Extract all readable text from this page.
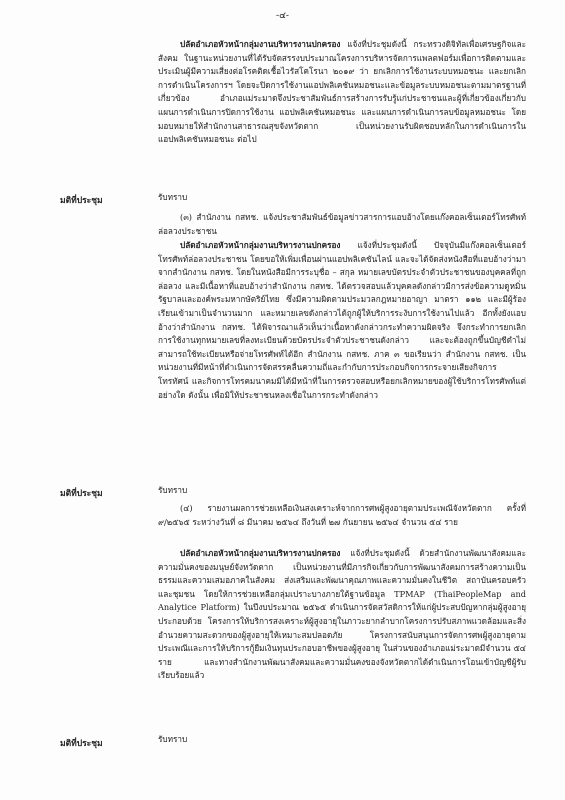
-๔-
ปลัดอำเภอหัวหน้ากลุ่มงานบริหารงานปกครอง แจ้งที่ประชุมดังนี้ กระทรวงดิจิทัลเพื่อเศรษฐกิจและสังคม ในฐานะหน่วยงานที่ได้รับจัดสรรงบประมาณโครงการบริหารจัดการแพลตฟอร์มเพื่อการติดตามและประเมินผู้มีความเสี่ยงต่อโรคติดเชื้อไวรัสโคโรนา ๒๐๑๙ ว่า ยกเลิกการใช้งานระบบหมอชนะ และยกเลิกการดำเนินโครงการฯ โดยจะปิดการใช้งานแอปพลิเคชันหมอชนะและข้อมูลระบบหมอชนะตามมาตรฐานที่เกี่ยวข้อง อำเภอแม่ระมาดจึงประชาสัมพันธ์การสร้างการรับรู้แก่ประชาชนและผู้ที่เกี่ยวข้องเกี่ยวกับแผนการดำเนินการปิดการใช้งาน แอปพลิเคชันหมอชนะ และแผนการดำเนินการลบข้อมูลหมอชนะ โดยมอบหมายให้สำนักงานสาธารณสุขจังหวัดตาก เป็นหน่วยงานรับผิดชอบหลักในการดำเนินการในแอปพลิเคชันหมอชนะ ต่อไป
มติที่ประชุม	รับทราบ
(๓) สำนักงาน กสทช. แจ้งประชาสัมพันธ์ข้อมูลข่าวสารการแอบอ้างโดยแก๊งคอลเซ็นเตอร์โทรศัพท์ล่อลวงประชาชน
ปลัดอำเภอหัวหน้ากลุ่มงานบริหารงานปกครอง แจ้งที่ประชุมดังนี้ ปัจจุบันมีแก๊งคอลเซ็นเตอร์โทรศัพท์ล่อลวงประชาชน โดยขอให้เพิ่มเพื่อนผ่านแอปพลิเคชันไลน์ และจะได้จัดส่งหนังสือที่แอบอ้างว่ามาจากสำนักงาน กสทช. โดยในหนังสือมีการระบุชื่อ – สกุล หมายเลขบัตรประจำตัวประชาชนของบุคคลที่ถูกล่อลวง และมีเนื้อหาที่แอบอ้างว่าสำนักงาน กสทช. ได้ตรวจสอบแล้วบุคคลดังกล่าวมีการส่งข้อความดูหมิ่นรัฐบาลและองค์พระมหากษัตริย์ไทย ซึ่งมีความผิดตามประมวลกฎหมายอาญา มาตรา ๑๑๒ และมีผู้ร้องเรียนเข้ามาเป็นจำนวนมาก และหมายเลขดังกล่าวได้ถูกผู้ให้บริการระงับการใช้งานไปแล้ว อีกทั้งยังแอบอ้างว่าสำนักงาน กสทช. ได้พิจารณาแล้วเห็นว่าเนื้อหาดังกล่าวกระทำความผิดจริง จึงกระทำการยกเลิกการใช้งานทุกหมายเลขที่ลงทะเบียนด้วยบัตรประจำตัวประชาชนดังกล่าว และจะต้องถูกขึ้นบัญชีดำไม่สามารถใช้ทะเบียนหรือจ่ายโทรศัพท์ได้อีก สำนักงาน กสทช. ภาค ๓ ขอเรียนว่า สำนักงาน กสทช. เป็นหน่วยงานที่มีหน้าที่ดำเนินการจัดสรรคลื่นความถี่และกำกับการประกอบกิจการกระจายเสียงกิจการโทรทัศน์ และกิจการโทรคมนาคมมิได้มีหน้าที่ในการตรวจสอบหรือยกเลิกหมายของผู้ใช้บริการโทรศัพท์แต่อย่างใด ดังนั้น เพื่อมิให้ประชาชนหลงเชื่อในการกระทำดังกล่าว
มติที่ประชุม	รับทราบ
(๔) รายงานผลการช่วยเหลือเงินสงเคราะห์จากการศพผู้สูงอายุตามประเพณีจังหวัดตาก ครั้งที่ ๙/๒๕๖๕ ระหว่างวันที่ ๘ มีนาคม ๒๕๖๔ ถึงวันที่ ๒๗ กันยายน ๒๕๖๔ จำนวน ๕๔ ราย
ปลัดอำเภอหัวหน้ากลุ่มงานบริหารงานปกครอง แจ้งที่ประชุมดังนี้ ด้วยสำนักงานพัฒนาสังคมและความมั่นคงของมนุษย์จังหวัดตาก เป็นหน่วยงานที่มีภารกิจเกี่ยวกับการพัฒนาสังคมการสร้างความเป็นธรรมและความเสมอภาคในสังคม ส่งเสริมและพัฒนาคุณภาพและความมั่นคงในชีวิต สถาบันครอบครัวและชุมชน โดยให้การช่วยเหลือกลุ่มเปราะบางภายใต้ฐานข้อมูล TPMAP (ThaiPeopleMap and Analytice Platform) ในปีงบประมาณ ๒๕๖๕ ดำเนินการจัดสวัสดิการให้แก่ผู้ประสบปัญหากลุ่มผู้สูงอายุ ประกอบด้วย โครงการให้บริการสงเคราะห์ผู้สูงอายุในภาวะยากลำบากโครงการปรับสภาพแวดล้อมและสิ่งอำนวยความสะดวกของผู้สูงอายุให้เหมาะสมปลอดภัย โครงการสนับสนุนการจัดการศพผู้สูงอายุตามประเพณีและการให้บริการกู้ยืมเงินทุนประกอบอาชีพของผู้สูงอายุ ในส่วนของอำเภอแม่ระมาดมีจำนวน ๕๔ ราย และทางสำนักงานพัฒนาสังคมและความมั่นคงของจังหวัดตากได้ดำเนินการโอนเข้าบัญชีผู้รับเรียบร้อยแล้ว
มติที่ประชุม	รับทราบ
